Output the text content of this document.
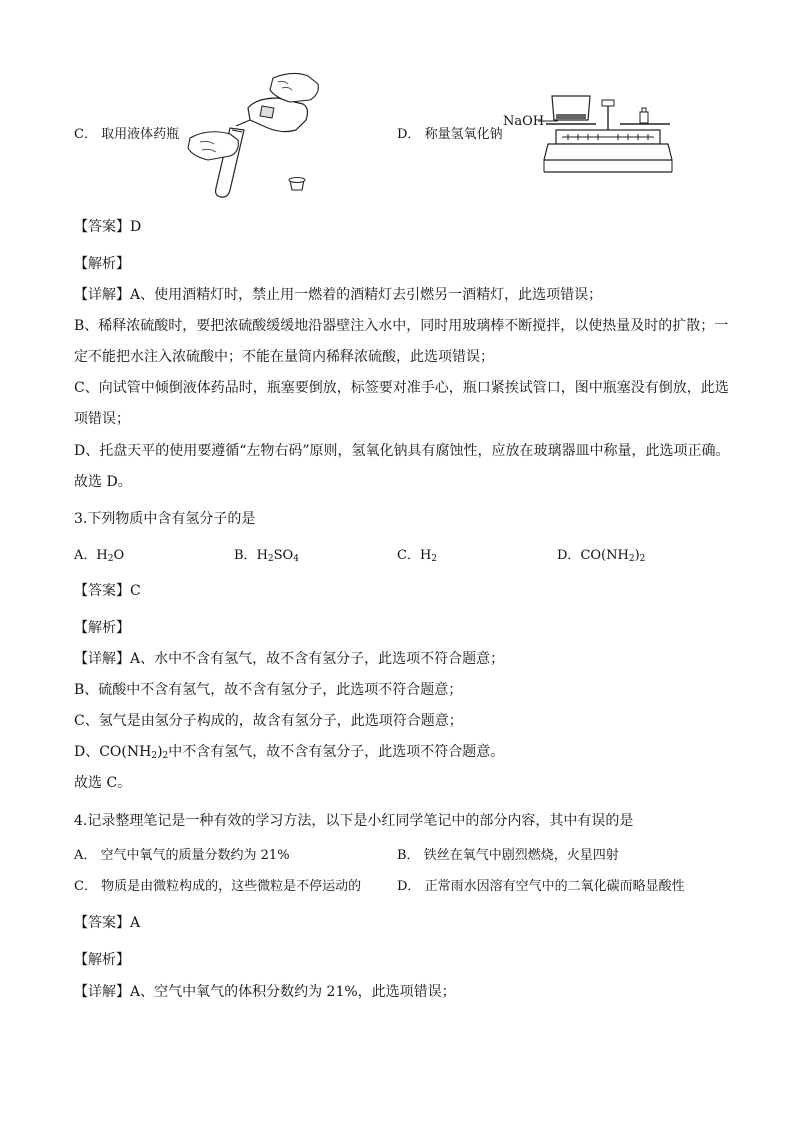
C． 取用液体药瓶	D． 称量氢氧化钠
NaOH
【答案】D
【解析】
【详解】A、使用酒精灯时，禁止用一燃着的酒精灯去引燃另一酒精灯，此选项错误；
B、稀释浓硫酸时，要把浓硫酸缓缓地沿器壁注入水中，同时用玻璃棒不断搅拌，以使热量及时的扩散；一
定不能把水注入浓硫酸中；不能在量筒内稀释浓硫酸，此选项错误；
C、向试管中倾倒液体药品时，瓶塞要倒放，标签要对准手心，瓶口紧挨试管口，图中瓶塞没有倒放，此选
项错误；
D、托盘天平的使用要遵循“左物右码”原则，氢氧化钠具有腐蚀性，应放在玻璃器皿中称量，此选项正确。
故选 D。
3.下列物质中含有氢分子的是
A．$H_2O$	B．$H_2SO_4$	C．$H_2$	D．$CO(NH_2)_2$
【答案】C
【解析】
【详解】A、水中不含有氢气，故不含有氢分子，此选项不符合题意；
B、硫酸中不含有氢气，故不含有氢分子，此选项不符合题意；
C、氢气是由氢分子构成的，故含有氢分子，此选项符合题意；
D、$CO(NH_2)_2$中不含有氢气，故不含有氢分子，此选项不符合题意。
故选 C。
4.记录整理笔记是一种有效的学习方法，以下是小红同学笔记中的部分内容，其中有误的是
A． 空气中氧气的质量分数约为 21%	B． 铁丝在氧气中剧烈燃烧，火星四射
C． 物质是由微粒构成的，这些微粒是不停运动的	D． 正常雨水因溶有空气中的二氧化碳而略显酸性
【答案】A
【解析】
【详解】A、空气中氧气的体积分数约为 21%，此选项错误；
